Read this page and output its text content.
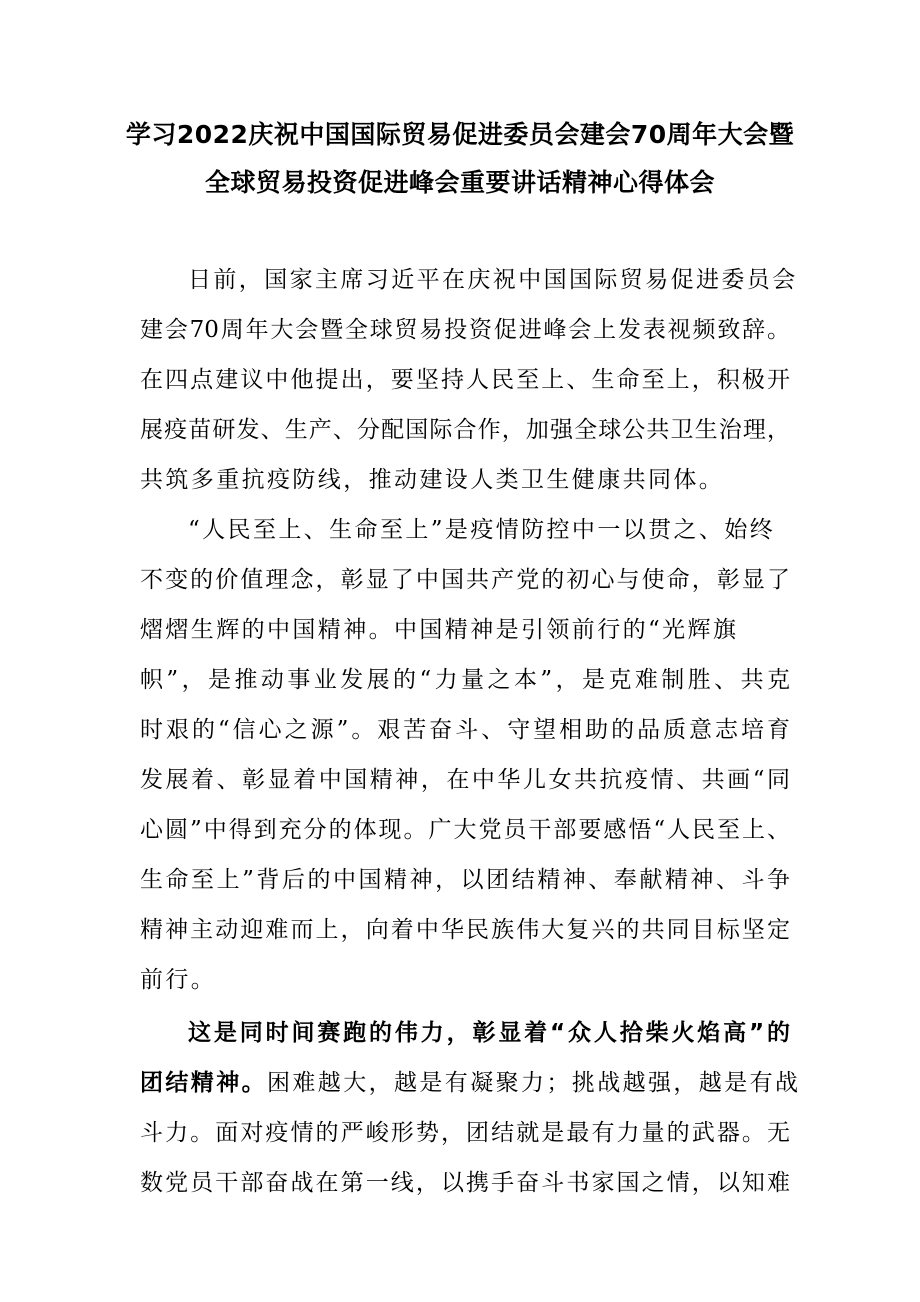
学习2022庆祝中国国际贸易促进委员会建会70周年大会暨
全球贸易投资促进峰会重要讲话精神心得体会
日前，国家主席习近平在庆祝中国国际贸易促进委员会
建会70周年大会暨全球贸易投资促进峰会上发表视频致辞。
在四点建议中他提出，要坚持人民至上、生命至上，积极开
展疫苗研发、生产、分配国际合作，加强全球公共卫生治理，
共筑多重抗疫防线，推动建设人类卫生健康共同体。
“人民至上、生命至上”是疫情防控中一以贯之、始终
不变的价值理念，彰显了中国共产党的初心与使命，彰显了
熠熠生辉的中国精神。中国精神是引领前行的“光辉旗
帜”，是推动事业发展的“力量之本”，是克难制胜、共克
时艰的“信心之源”。艰苦奋斗、守望相助的品质意志培育
发展着、彰显着中国精神，在中华儿女共抗疫情、共画“同
心圆”中得到充分的体现。广大党员干部要感悟“人民至上、
生命至上”背后的中国精神，以团结精神、奉献精神、斗争
精神主动迎难而上，向着中华民族伟大复兴的共同目标坚定
前行。
这是同时间赛跑的伟力，彰显着“众人拾柴火焰高”的
团结精神。困难越大，越是有凝聚力；挑战越强，越是有战
斗力。面对疫情的严峻形势，团结就是最有力量的武器。无
数党员干部奋战在第一线，以携手奋斗书家国之情，以知难
